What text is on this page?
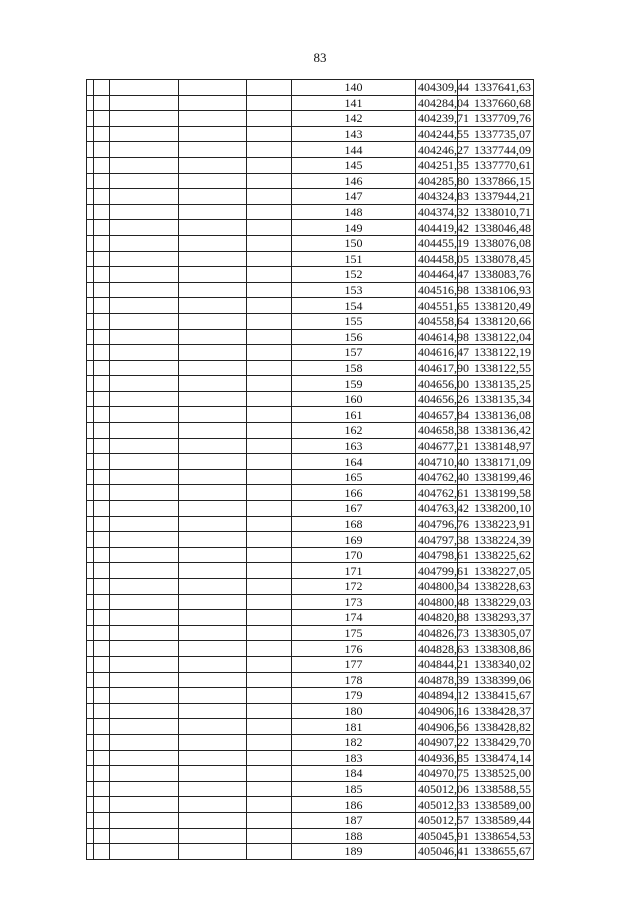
83
					140	404309,44	1337641,63
					141	404284,04	1337660,68
					142	404239,71	1337709,76
					143	404244,55	1337735,07
					144	404246,27	1337744,09
					145	404251,35	1337770,61
					146	404285,80	1337866,15
					147	404324,83	1337944,21
					148	404374,32	1338010,71
					149	404419,42	1338046,48
					150	404455,19	1338076,08
					151	404458,05	1338078,45
					152	404464,47	1338083,76
					153	404516,98	1338106,93
					154	404551,65	1338120,49
					155	404558,64	1338120,66
					156	404614,98	1338122,04
					157	404616,47	1338122,19
					158	404617,90	1338122,55
					159	404656,00	1338135,25
					160	404656,26	1338135,34
					161	404657,84	1338136,08
					162	404658,38	1338136,42
					163	404677,21	1338148,97
					164	404710,40	1338171,09
					165	404762,40	1338199,46
					166	404762,61	1338199,58
					167	404763,42	1338200,10
					168	404796,76	1338223,91
					169	404797,38	1338224,39
					170	404798,61	1338225,62
					171	404799,61	1338227,05
					172	404800,34	1338228,63
					173	404800,48	1338229,03
					174	404820,88	1338293,37
					175	404826,73	1338305,07
					176	404828,63	1338308,86
					177	404844,21	1338340,02
					178	404878,39	1338399,06
					179	404894,12	1338415,67
					180	404906,16	1338428,37
					181	404906,56	1338428,82
					182	404907,22	1338429,70
					183	404936,85	1338474,14
					184	404970,75	1338525,00
					185	405012,06	1338588,55
					186	405012,33	1338589,00
					187	405012,57	1338589,44
					188	405045,91	1338654,53
					189	405046,41	1338655,67
